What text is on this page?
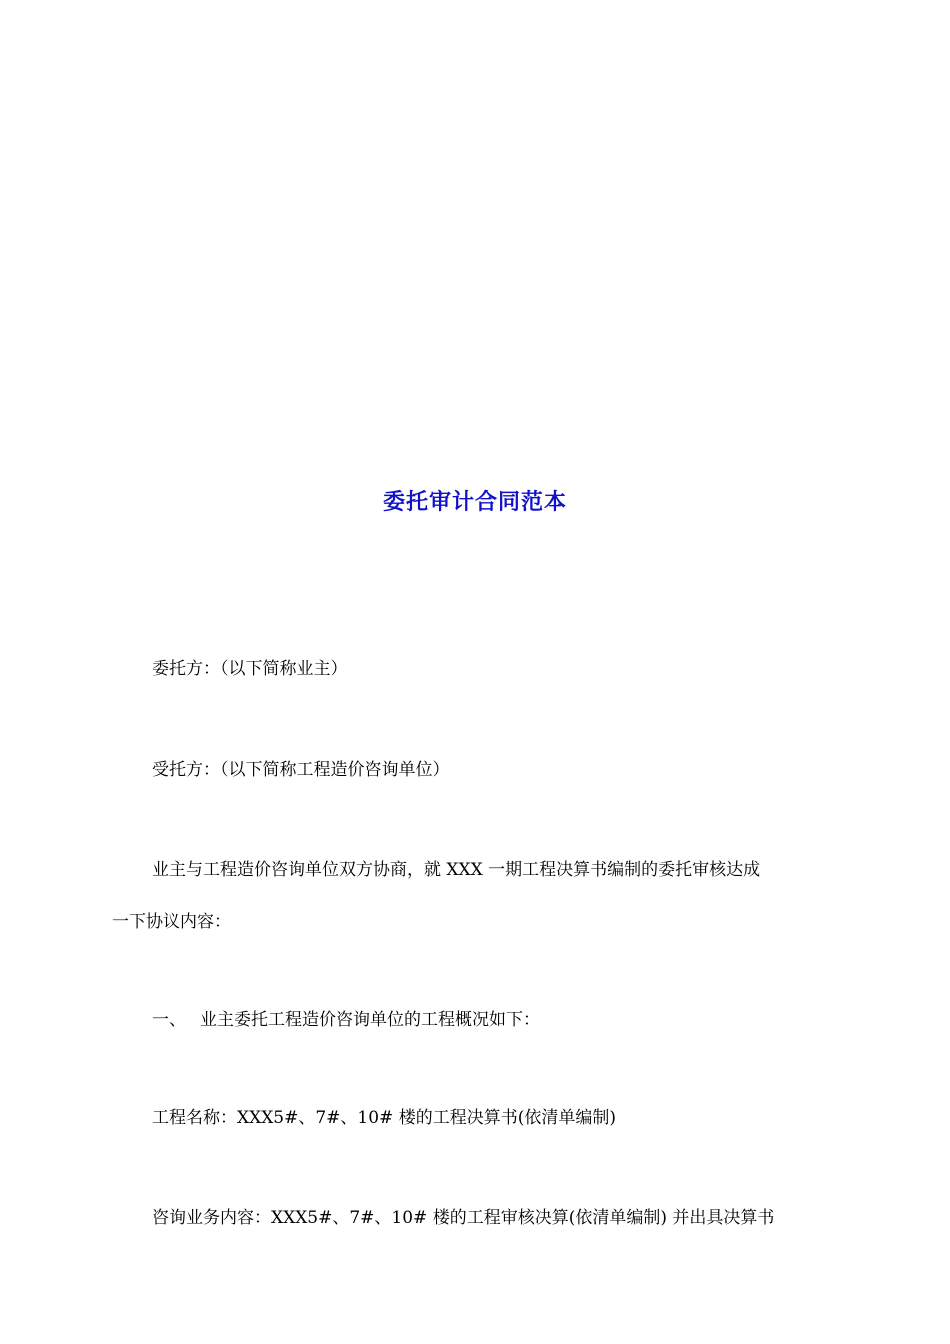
委托审计合同范本
委托方：（以下简称业主）
受托方：（以下简称工程造价咨询单位）
业主与工程造价咨询单位双方协商，就 XXX 一期工程决算书编制的委托审核达成
一下协议内容：
一、 业主委托工程造价咨询单位的工程概况如下：
工程名称：XXX5#、7#、10# 楼的工程决算书(依清单编制)
咨询业务内容：XXX5#、7#、10# 楼的工程审核决算(依清单编制) 并出具决算书
